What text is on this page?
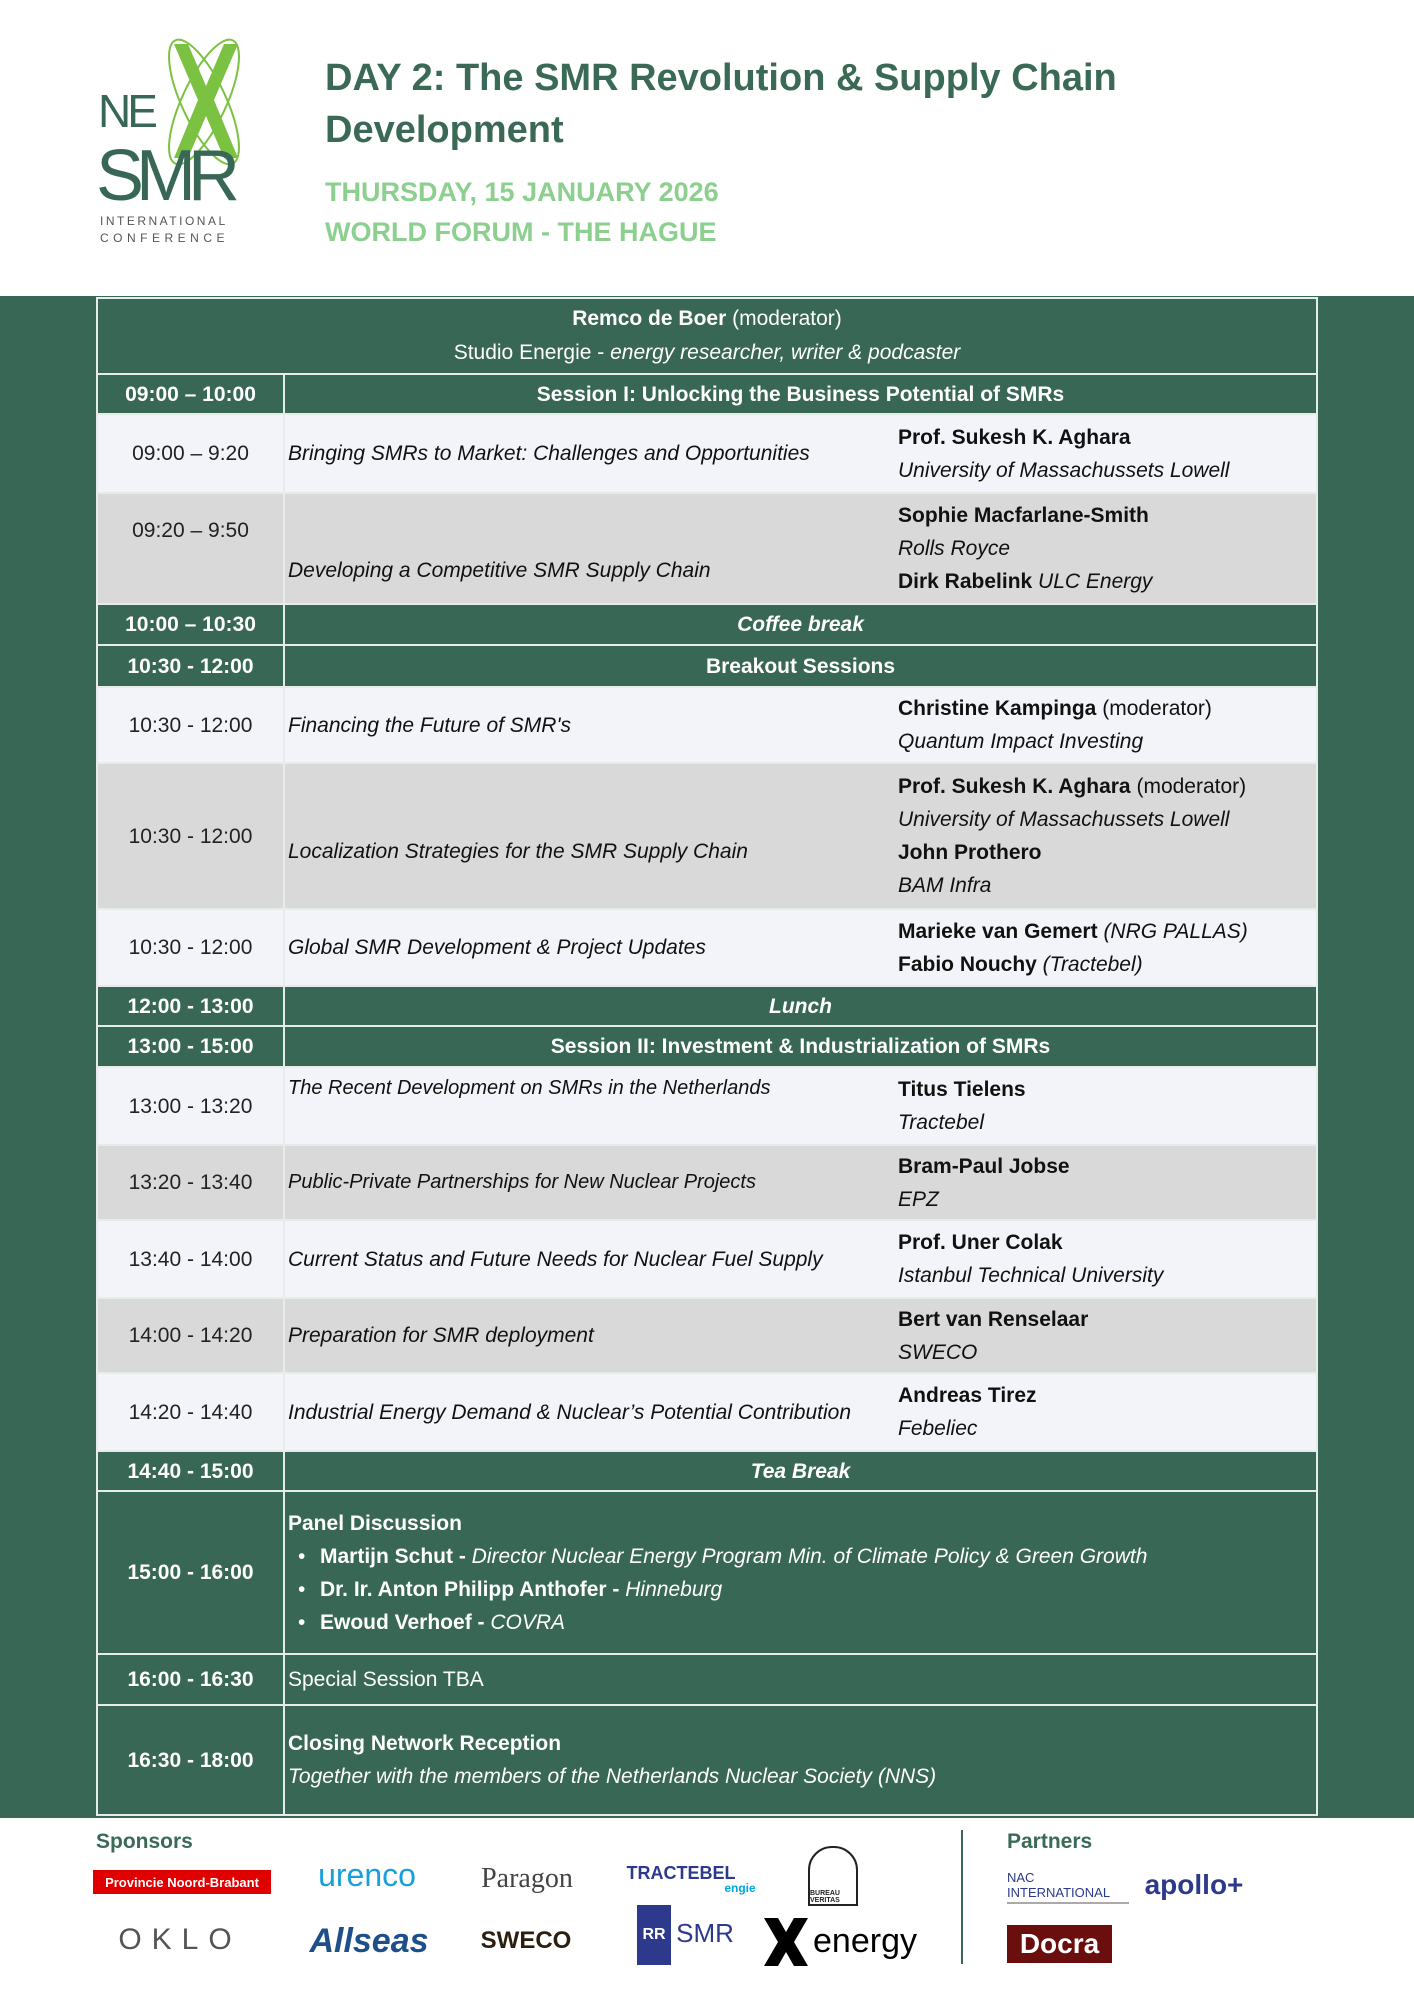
NE
SMR
INTERNATIONAL
CONFERENCE
DAY 2: The SMR Revolution & Supply Chain Development
THURSDAY, 15 JANUARY 2026
WORLD FORUM - THE HAGUE
Remco de Boer (moderator)
Studio Energie - energy researcher, writer & podcaster
09:00 – 10:00	Session I: Unlocking the Business Potential of SMRs
09:00 – 9:20	Bringing SMRs to Market: Challenges and Opportunities
Prof. Sukesh K. Aghara
University of Massachussets Lowell
09:20 – 9:50
Developing a Competitive SMR Supply Chain
Sophie Macfarlane-Smith
Rolls Royce
Dirk Rabelink ULC Energy
10:00 – 10:30	Coffee break
10:30 - 12:00	Breakout Sessions
10:30 - 12:00	Financing the Future of SMR's
Christine Kampinga (moderator)
Quantum Impact Investing
10:30 - 12:00
Localization Strategies for the SMR Supply Chain
Prof. Sukesh K. Aghara (moderator)
University of Massachussets Lowell
John Prothero
BAM Infra
10:30 - 12:00	Global SMR Development & Project Updates
Marieke van Gemert (NRG PALLAS)
Fabio Nouchy (Tractebel)
12:00 - 13:00	Lunch
13:00 - 15:00	Session II: Investment & Industrialization of SMRs
13:00 - 13:20
The Recent Development on SMRs in the Netherlands	Titus Tielens
Tractebel
13:20 - 13:40	Public-Private Partnerships for New Nuclear Projects
Bram-Paul Jobse
EPZ
13:40 - 14:00	Current Status and Future Needs for Nuclear Fuel Supply
Prof. Uner Colak
Istanbul Technical University
14:00 - 14:20	Preparation for SMR deployment
Bert van Renselaar
SWECO
14:20 - 14:40	Industrial Energy Demand & Nuclear’s Potential Contribution
Andreas Tirez
Febeliec
14:40 - 15:00	Tea Break
15:00 - 16:00
Panel Discussion
• Martijn Schut - Director Nuclear Energy Program Min. of Climate Policy & Green Growth
• Dr. Ir. Anton Philipp Anthofer - Hinneburg
• Ewoud Verhoef - COVRA
16:00 - 16:30	Special Session TBA
16:30 - 18:00
Closing Network Reception
Together with the members of the Netherlands Nuclear Society (NNS)
Sponsors	Partners
Provincie Noord-Brabant	urenco	Paragon	TRACTEBEL
engie	BUREAU VERITAS
OKLO	Allseas	SWECO	RR SMR energy
NAC INTERNATIONAL	apollo+
Docra
